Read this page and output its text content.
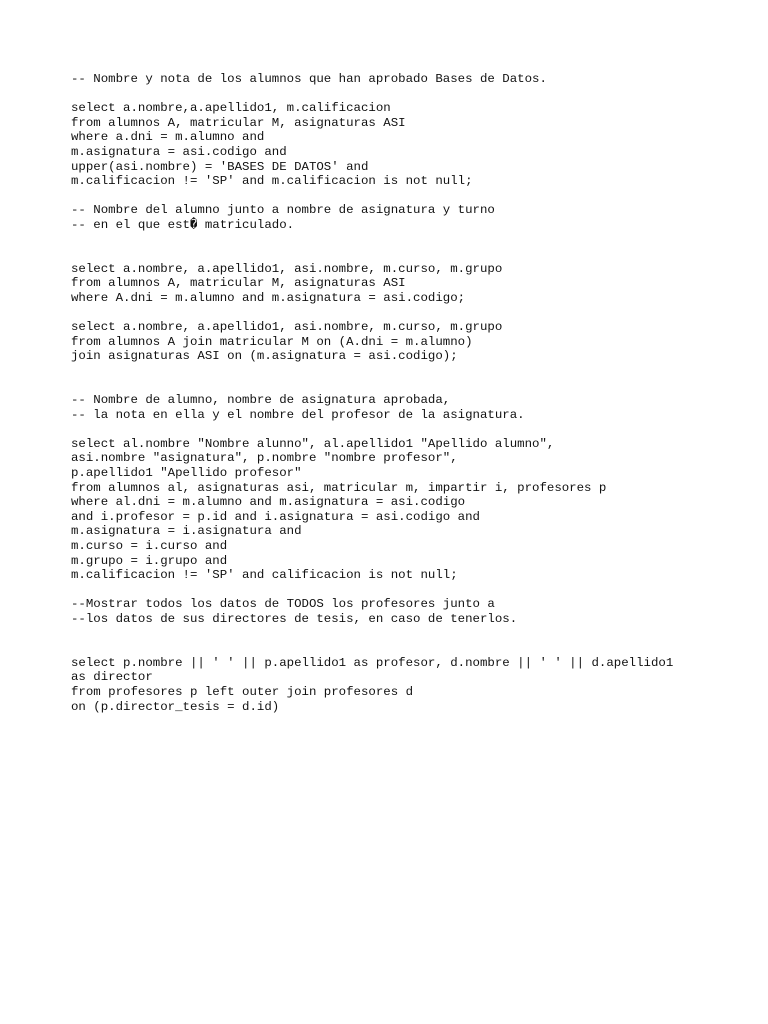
-- Nombre y nota de los alumnos que han aprobado Bases de Datos.
select a.nombre,a.apellido1, m.calificacion
from alumnos A, matricular M, asignaturas ASI
where a.dni = m.alumno and
m.asignatura = asi.codigo and
upper(asi.nombre) = 'BASES DE DATOS' and
m.calificacion != 'SP' and m.calificacion is not null;
-- Nombre del alumno junto a nombre de asignatura y turno
-- en el que est� matriculado.
select a.nombre, a.apellido1, asi.nombre, m.curso, m.grupo
from alumnos A, matricular M, asignaturas ASI
where A.dni = m.alumno and m.asignatura = asi.codigo;
select a.nombre, a.apellido1, asi.nombre, m.curso, m.grupo
from alumnos A join matricular M on (A.dni = m.alumno)
join asignaturas ASI on (m.asignatura = asi.codigo);
-- Nombre de alumno, nombre de asignatura aprobada,
-- la nota en ella y el nombre del profesor de la asignatura.
select al.nombre "Nombre alunno", al.apellido1 "Apellido alumno",
asi.nombre "asignatura", p.nombre "nombre profesor",
p.apellido1 "Apellido profesor"
from alumnos al, asignaturas asi, matricular m, impartir i, profesores p
where al.dni = m.alumno and m.asignatura = asi.codigo
and i.profesor = p.id and i.asignatura = asi.codigo and
m.asignatura = i.asignatura and
m.curso = i.curso and
m.grupo = i.grupo and
m.calificacion != 'SP' and calificacion is not null;
--Mostrar todos los datos de TODOS los profesores junto a
--los datos de sus directores de tesis, en caso de tenerlos.
select p.nombre || ' ' || p.apellido1 as profesor, d.nombre || ' ' || d.apellido1
as director
from profesores p left outer join profesores d
on (p.director_tesis = d.id)
